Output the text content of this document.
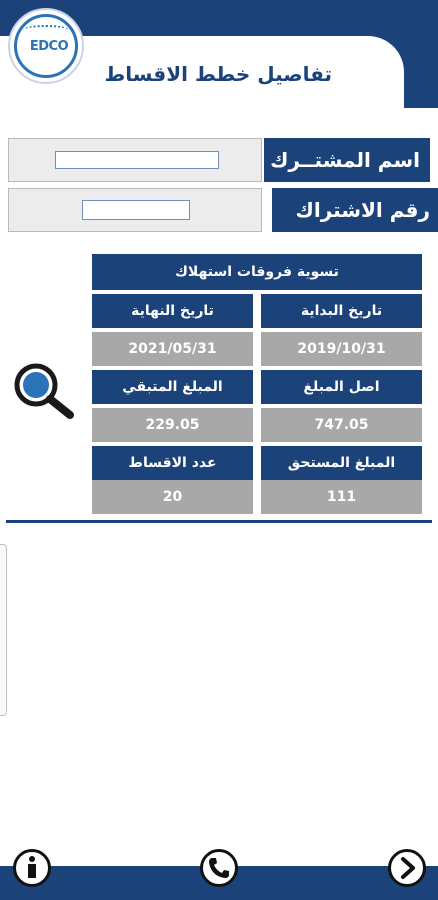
EDCO
تفاصيل خطط الاقساط
اسم المشتــرك
رقم الاشتراك
تسوية فروقات استهلاك
تاريخ البداية
تاريخ النهاية
2019/10/31
2021/05/31
اصل المبلغ
المبلغ المتبقي
747.05
229.05
المبلغ المستحق
عدد الاقساط
111
20
